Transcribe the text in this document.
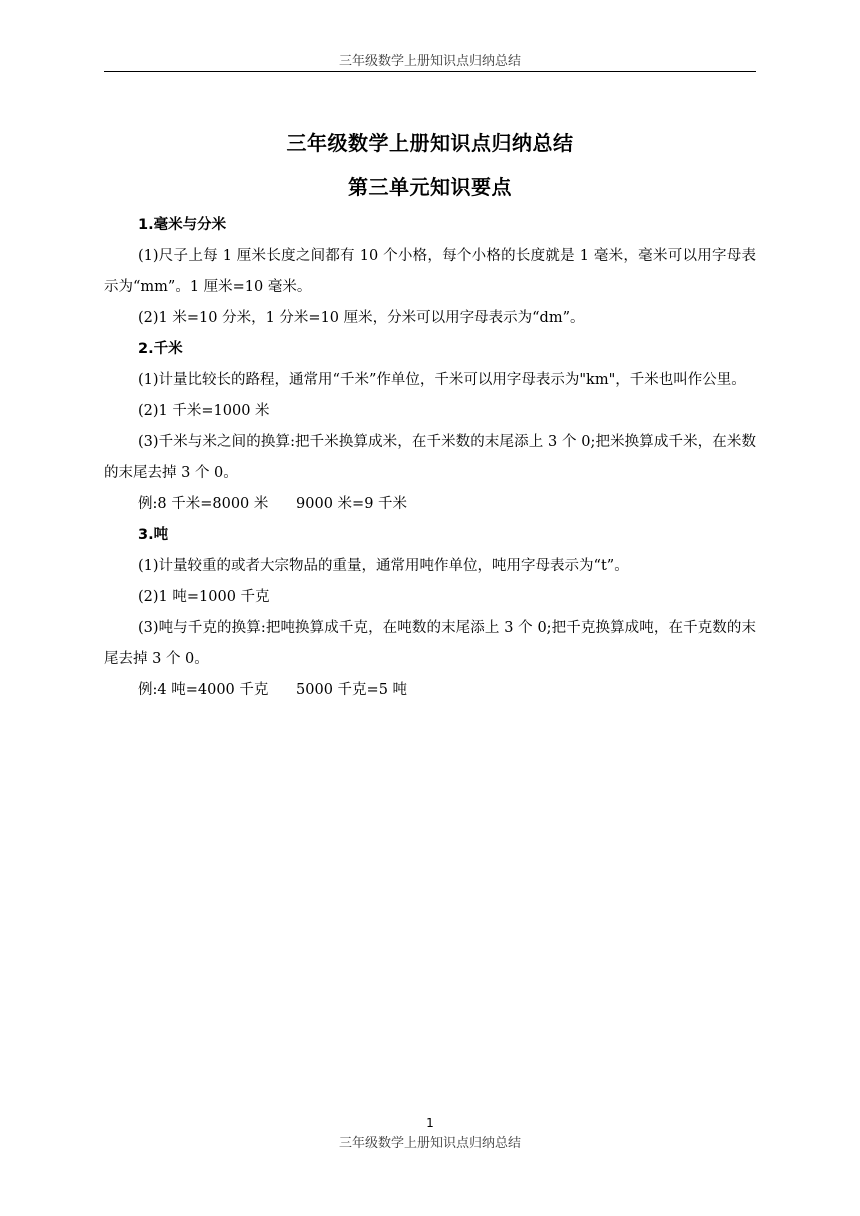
三年级数学上册知识点归纳总结
三年级数学上册知识点归纳总结
第三单元知识要点
1.毫米与分米

(1)尺子上每 1 厘米长度之间都有 10 个小格，每个小格的长度就是 1 毫米，毫米可以用字母表示为“mm”。1 厘米=10 毫米。

(2)1 米=10 分米，1 分米=10 厘米，分米可以用字母表示为“dm”。

2.千米

(1)计量比较长的路程，通常用“千米”作单位，千米可以用字母表示为"km"，千米也叫作公里。

(2)1 千米=1000 米

(3)千米与米之间的换算:把千米换算成米，在千米数的末尾添上 3 个 0;把米换算成千米，在米数的末尾去掉 3 个 0。

例:8 千米=8000 米      9000 米=9 千米
3.吨

(1)计量较重的或者大宗物品的重量，通常用吨作单位，吨用字母表示为“t”。

(2)1 吨=1000 千克

(3)吨与千克的换算:把吨换算成千克，在吨数的末尾添上 3 个 0;把千克换算成吨，在千克数的末尾去掉 3 个 0。

例:4 吨=4000 千克      5000 千克=5 吨
1
三年级数学上册知识点归纳总结
